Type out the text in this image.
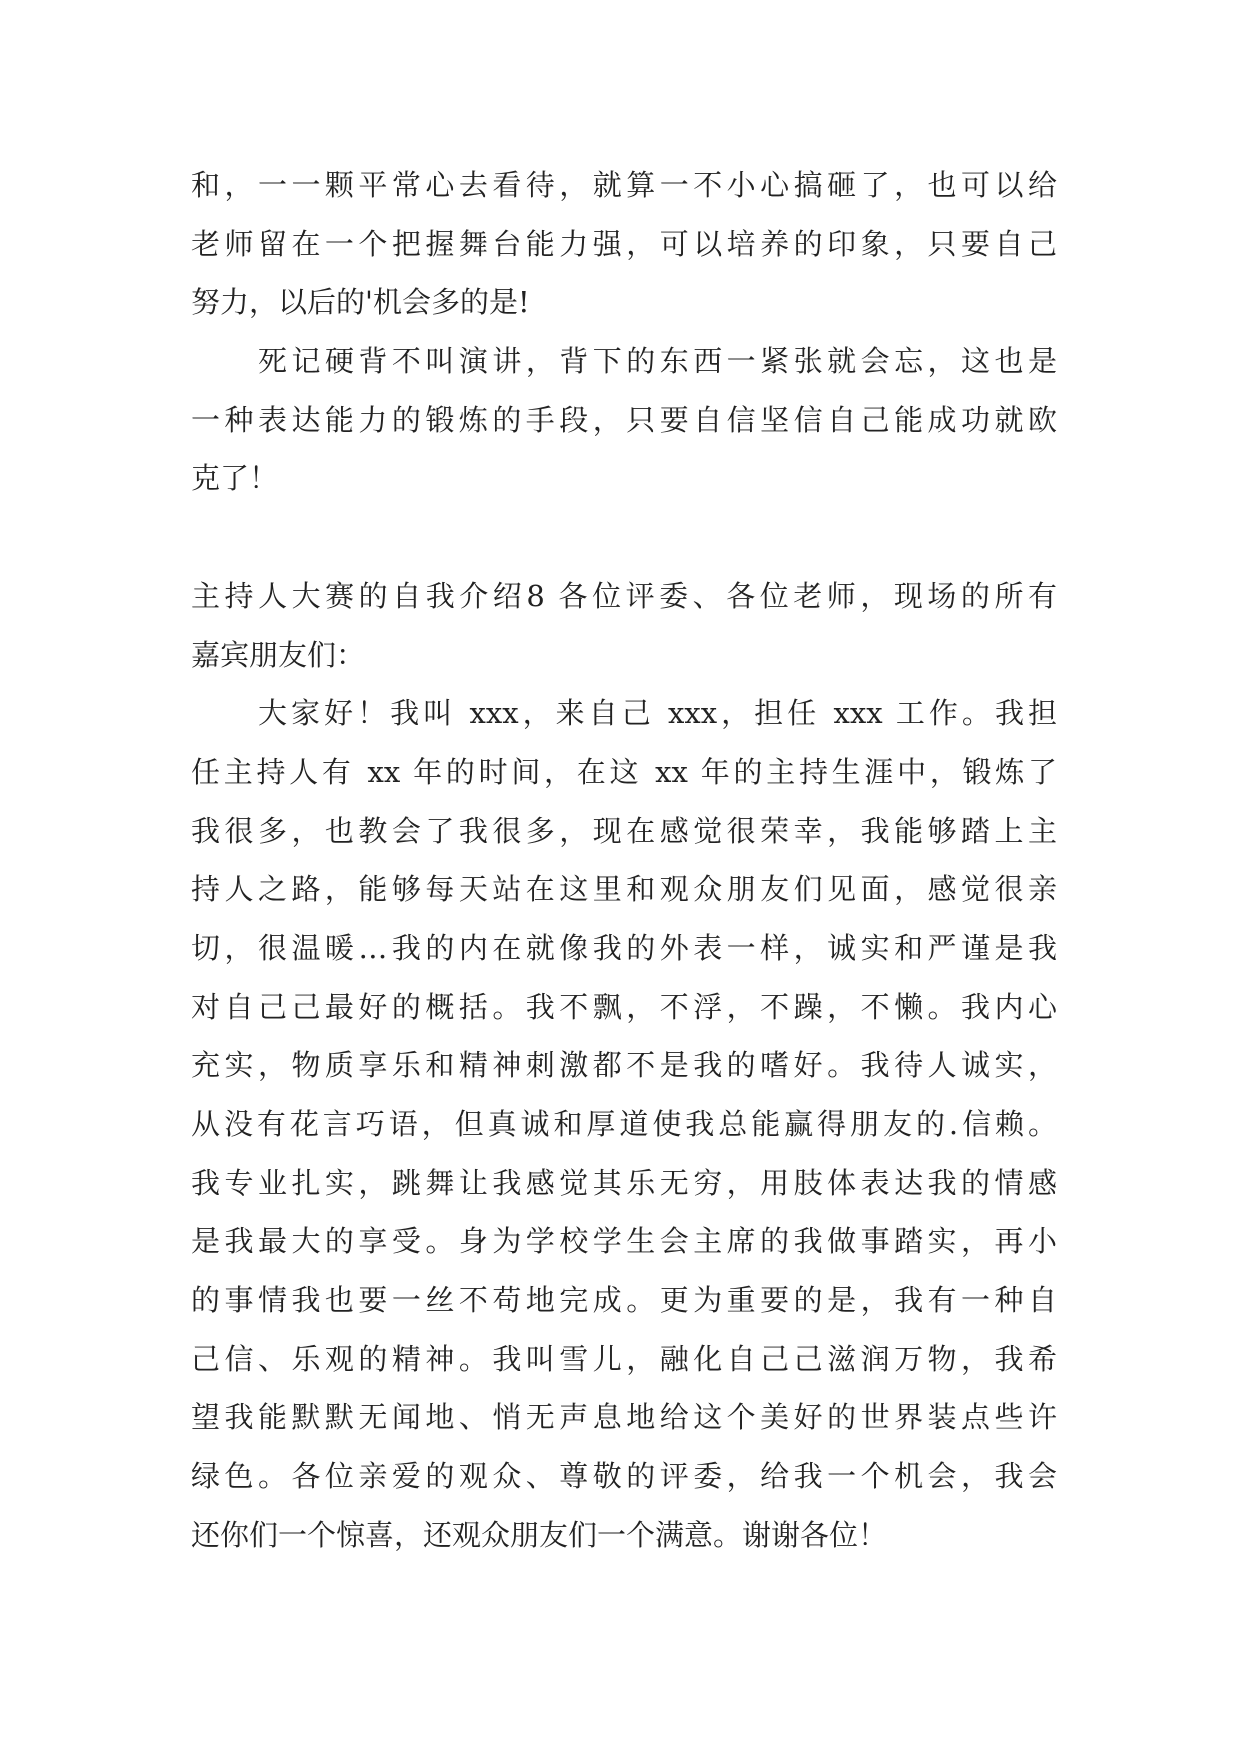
和，一一颗平常心去看待，就算一不小心搞砸了，也可以给
老师留在一个把握舞台能力强，可以培养的印象，只要自己
努力，以后的'机会多的是!
死记硬背不叫演讲，背下的东西一紧张就会忘，这也是
一种表达能力的锻炼的手段，只要自信坚信自己能成功就欧
克了！
主持人大赛的自我介绍8 各位评委、各位老师，现场的所有
嘉宾朋友们：
大家好！我叫 xxx，来自己 xxx，担任 xxx 工作。我担
任主持人有 xx 年的时间，在这 xx 年的主持生涯中，锻炼了
我很多，也教会了我很多，现在感觉很荣幸，我能够踏上主
持人之路，能够每天站在这里和观众朋友们见面，感觉很亲
切，很温暖…我的内在就像我的外表一样，诚实和严谨是我
对自己己最好的概括。我不飘，不浮，不躁，不懒。我内心
充实，物质享乐和精神刺激都不是我的嗜好。我待人诚实，
从没有花言巧语，但真诚和厚道使我总能赢得朋友的.信赖。
我专业扎实，跳舞让我感觉其乐无穷，用肢体表达我的情感
是我最大的享受。身为学校学生会主席的我做事踏实，再小
的事情我也要一丝不苟地完成。更为重要的是，我有一种自
己信、乐观的精神。我叫雪儿，融化自己己滋润万物，我希
望我能默默无闻地、悄无声息地给这个美好的世界装点些许
绿色。各位亲爱的观众、尊敬的评委，给我一个机会，我会
还你们一个惊喜，还观众朋友们一个满意。谢谢各位！
